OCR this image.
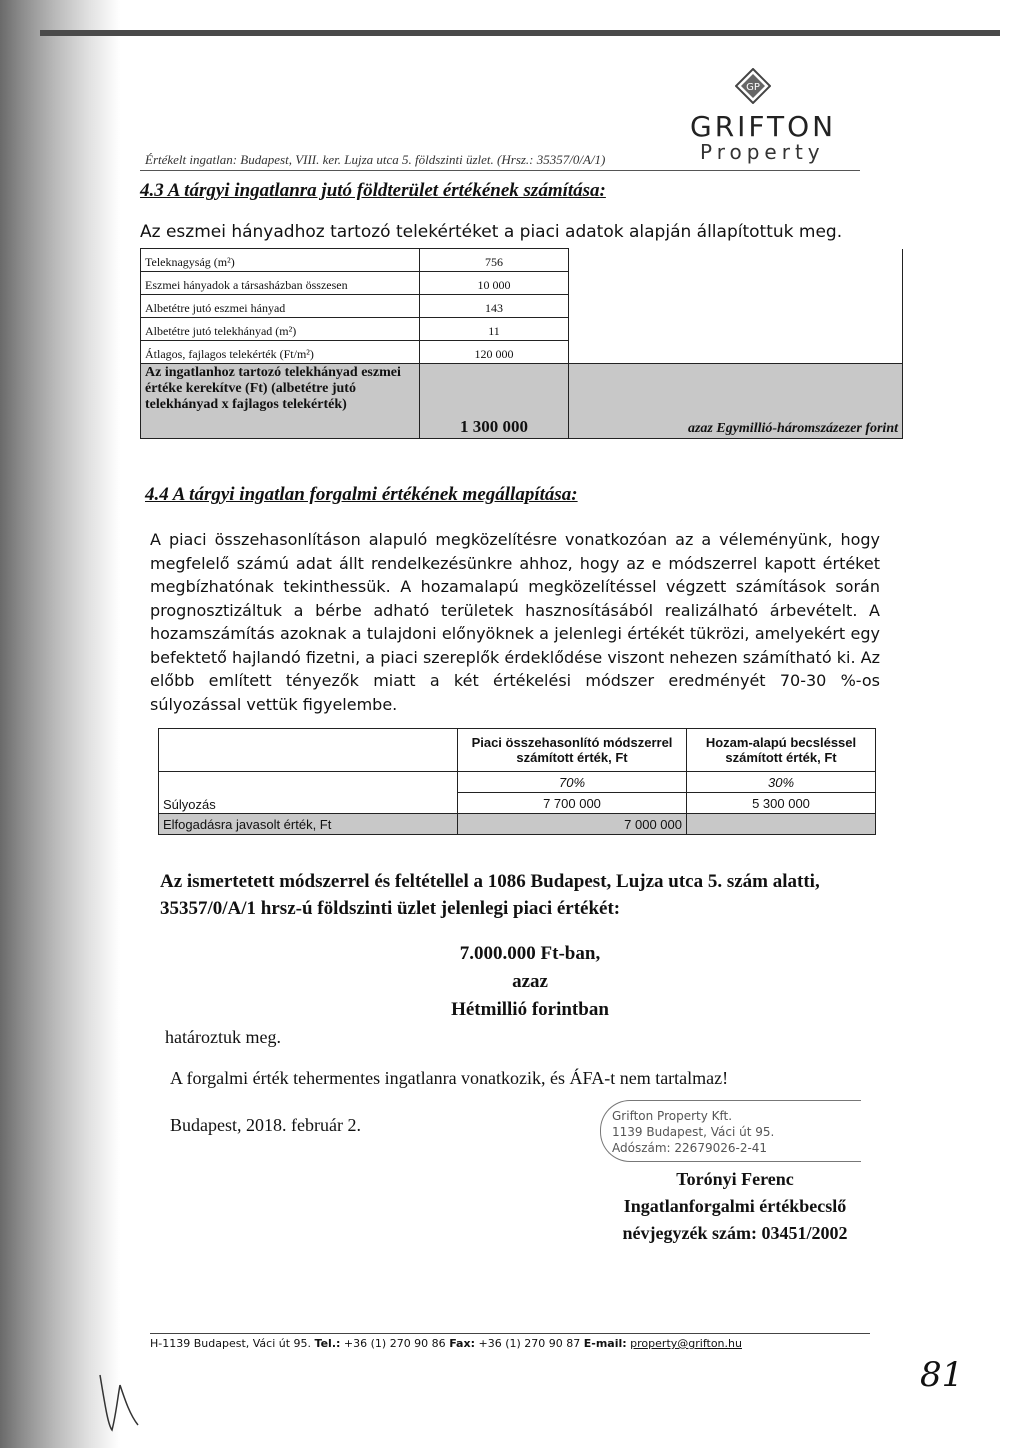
GP
GRIFTON
Property
Értékelt ingatlan: Budapest, VIII. ker. Lujza utca 5. földszinti üzlet. (Hrsz.: 35357/0/A/1)
4.3 A tárgyi ingatlanra jutó földterület értékének számítása:
Az eszmei hányadhoz tartozó telekértéket a piaci adatok alapján állapítottuk meg.
Teleknagyság (m²)	756	
Eszmei hányadok a társasházban összesen	10 000	
Albetétre jutó eszmei hányad	143	
Albetétre jutó telekhányad (m²)	11	
Átlagos, fajlagos telekérték (Ft/m²)	120 000	
Az ingatlanhoz tartozó telekhányad eszmei értéke kerekítve (Ft) (albetétre jutó telekhányad x fajlagos telekérték)	1 300 000	azaz Egymillió-háromszázezer forint
4.4 A tárgyi ingatlan forgalmi értékének megállapítása:
A piaci összehasonlításon alapuló megközelítésre vonatkozóan az a véleményünk, hogy megfelelő számú adat állt rendelkezésünkre ahhoz, hogy az e módszerrel kapott értéket megbízhatónak tekinthessük. A hozamalapú megközelítéssel végzett számítások során prognosztizáltuk a bérbe adható területek hasznosításából realizálható árbevételt. A hozamszámítás azoknak a tulajdoni előnyöknek a jelenlegi értékét tükrözi, amelyekért egy befektető hajlandó fizetni, a piaci szereplők érdeklődése viszont nehezen számítható ki. Az előbb említett tényezők miatt a két értékelési módszer eredményét 70-30 %-os súlyozással vettük figyelembe.
	Piaci összehasonlító módszerrel számított érték, Ft	Hozam-alapú becsléssel számított érték, Ft
Súlyozás	70%	30%
	7 700 000	5 300 000
Elfogadásra javasolt érték, Ft	7 000 000	
Az ismertetett módszerrel és feltétellel a 1086 Budapest, Lujza utca 5. szám alatti, 35357/0/A/1 hrsz-ú földszinti üzlet jelenlegi piaci értékét:
7.000.000 Ft-ban,
azaz
Hétmillió forintban
határoztuk meg.
A forgalmi érték tehermentes ingatlanra vonatkozik, és ÁFA-t nem tartalmaz!
Budapest, 2018. február 2.	Grifton Property Kft.
1139 Budapest, Váci út 95.
Adószám: 22679026-2-41
Torónyi Ferenc
Ingatlanforgalmi értékbecslő
névjegyzék szám: 03451/2002
H-1139 Budapest, Váci út 95. Tel.: +36 (1) 270 90 86 Fax: +36 (1) 270 90 87 E-mail: property@grifton.hu
81
